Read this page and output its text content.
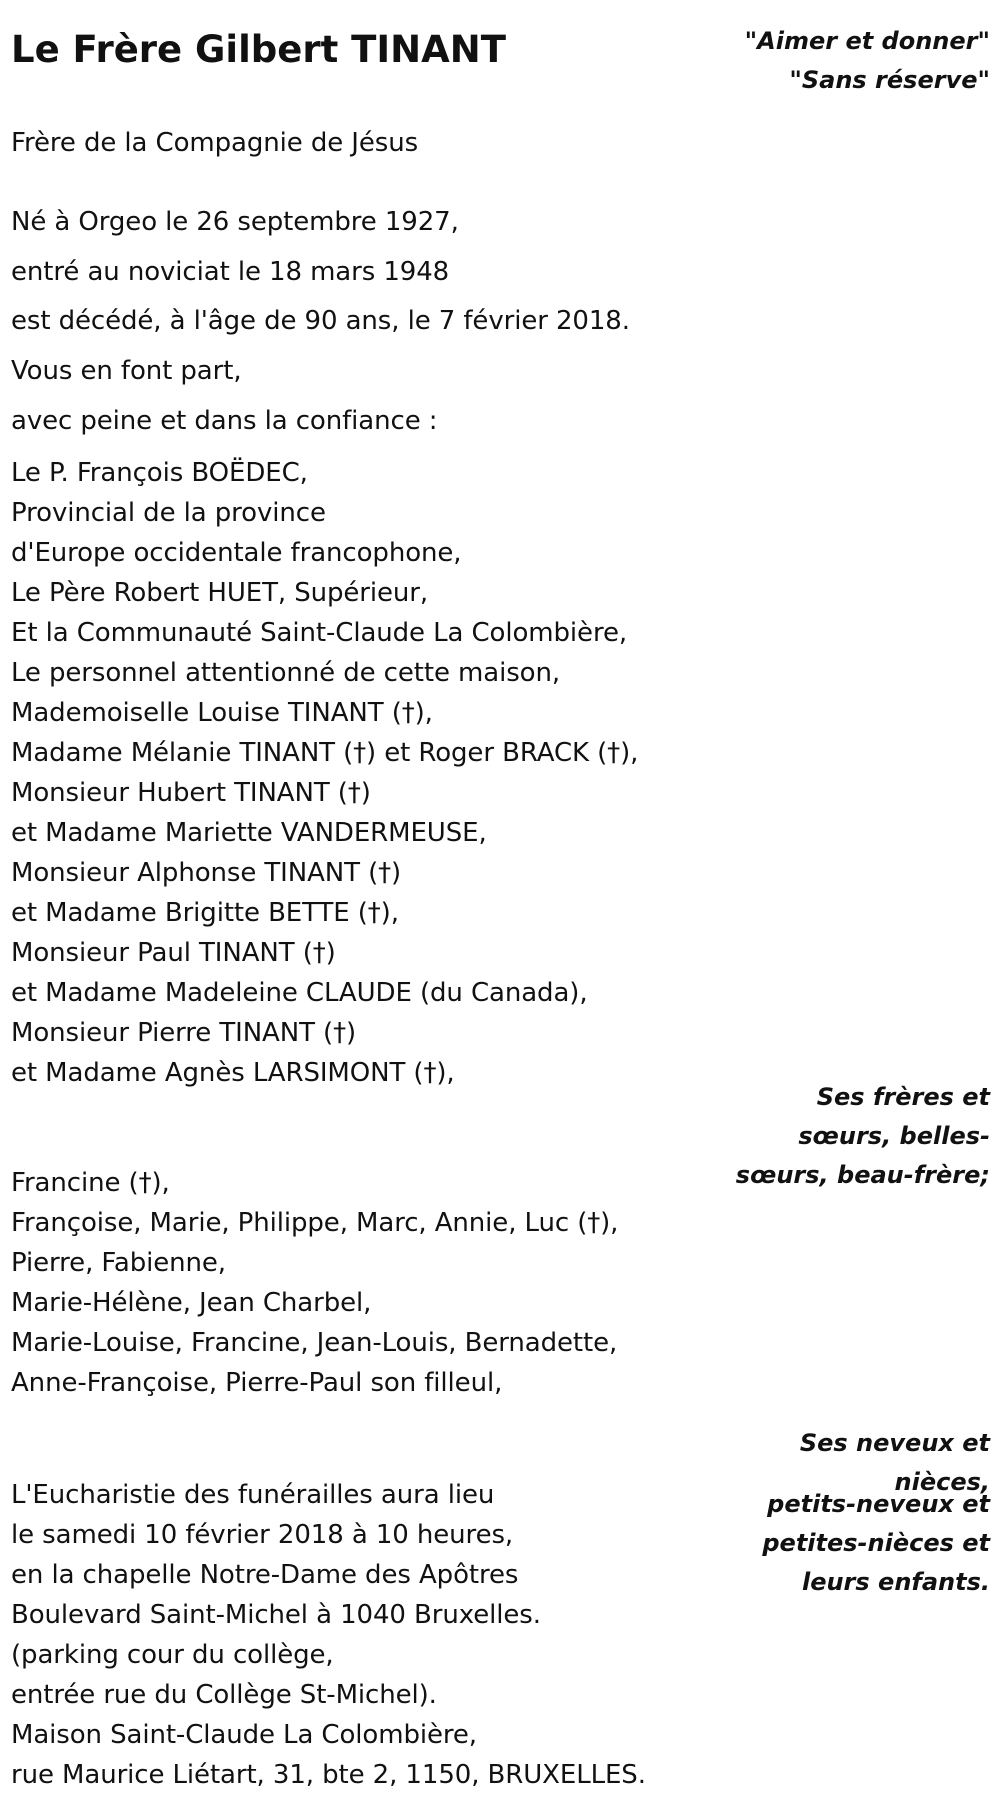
Le Frère Gilbert TINANT	"Aimer et donner"
"Sans réserve"
Frère de la Compagnie de Jésus
Né à Orgeo le 26 septembre 1927,
entré au noviciat le 18 mars 1948
est décédé, à l'âge de 90 ans, le 7 février 2018.
Vous en font part,
avec peine et dans la confiance :
Le P. François BOËDEC,
Provincial de la province
d'Europe occidentale francophone,
Le Père Robert HUET, Supérieur,
Et la Communauté Saint-Claude La Colombière,
Le personnel attentionné de cette maison,
Mademoiselle Louise TINANT (†),
Madame Mélanie TINANT (†) et Roger BRACK (†),
Monsieur Hubert TINANT (†)
et Madame Mariette VANDERMEUSE,
Monsieur Alphonse TINANT (†)
et Madame Brigitte BETTE (†),
Monsieur Paul TINANT (†)
et Madame Madeleine CLAUDE (du Canada),
Monsieur Pierre TINANT (†)
et Madame Agnès LARSIMONT (†),
Ses frères et
sœurs, belles-
sœurs, beau-frère;
Francine (†),
Françoise, Marie, Philippe, Marc, Annie, Luc (†),
Pierre, Fabienne,
Marie-Hélène, Jean Charbel,
Marie-Louise, Francine, Jean-Louis, Bernadette,
Anne-Françoise, Pierre-Paul son filleul,
Ses neveux et
nièces,
petits-neveux et
petites-nièces et
leurs enfants.
L'Eucharistie des funérailles aura lieu
le samedi 10 février 2018 à 10 heures,
en la chapelle Notre-Dame des Apôtres
Boulevard Saint-Michel à 1040 Bruxelles.
(parking cour du collège,
entrée rue du Collège St-Michel).
Maison Saint-Claude La Colombière,
rue Maurice Liétart, 31, bte 2, 1150, BRUXELLES.
